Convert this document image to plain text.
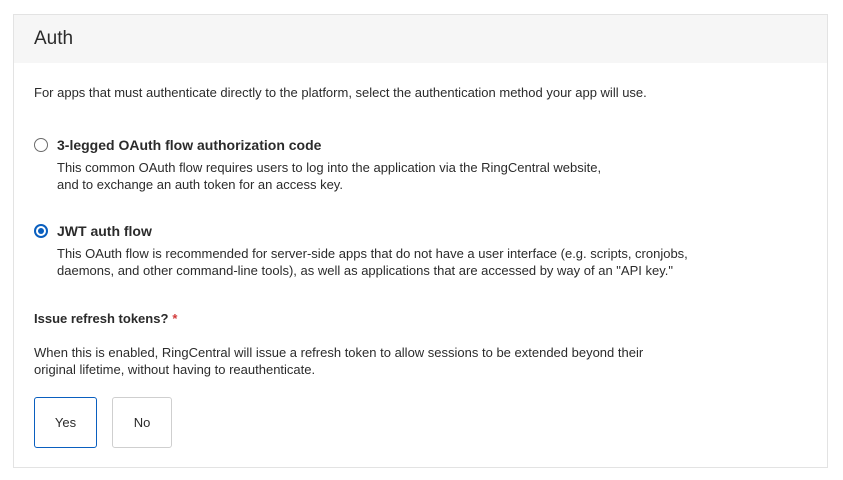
Auth

For apps that must authenticate directly to the platform, select the authentication method your app will use.

3-legged OAuth flow authorization code
This common OAuth flow requires users to log into the application via the RingCentral website,
and to exchange an auth token for an access key.
JWT auth flow
This OAuth flow is recommended for server-side apps that do not have a user interface (e.g. scripts, cronjobs,
daemons, and other command-line tools), as well as applications that are accessed by way of an "API key."
Issue refresh tokens? *
When this is enabled, RingCentral will issue a refresh token to allow sessions to be extended beyond their
original lifetime, without having to reauthenticate.
Yes	No
